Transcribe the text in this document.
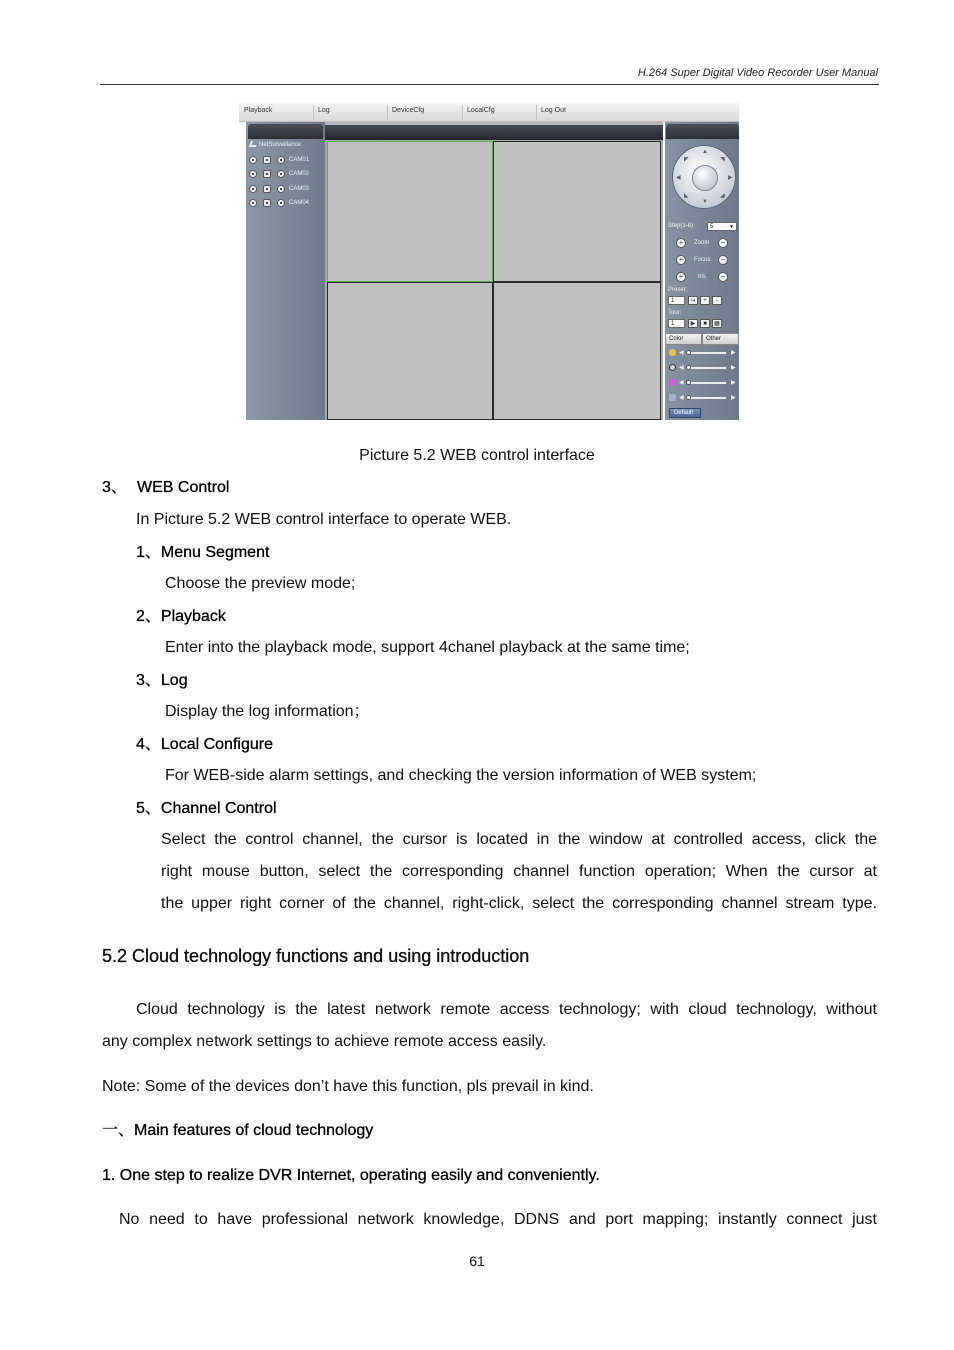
H.264 Super Digital Video Recorder User Manual
Playback	Log	DeviceCfg	LocalCfg	Log Out
NetSurveillance
CAM01
CAM02
CAM03
CAM04
▲
▼
◀	▶
◤	◥
◣	◢
Step(1-8)	5	▼
+	Zoom	−
+	Focus	−
+	Iris	−
Preset:
1	↪	+	−
Tour:
1	▶	■	▦
Color	Other
◀	▶
◀	▶
◀	▶
◀	▶
Default
Picture 5.2 WEB control interface
3、 WEB Control
In Picture 5.2 WEB control interface to operate WEB.
1、Menu Segment
Choose the preview mode;
2、Playback
Enter into the playback mode, support 4chanel playback at the same time;
3、Log
Display the log information；
4、Local Configure
For WEB-side alarm settings, and checking the version information of WEB system;
5、Channel Control
Select the control channel, the cursor is located in the window at controlled access, click the
right mouse button, select the corresponding channel function operation; When the cursor at
the upper right corner of the channel, right-click, select the corresponding channel stream type.
5.2 Cloud technology functions and using introduction
Cloud technology is the latest network remote access technology; with cloud technology, without
any complex network settings to achieve remote access easily.
Note: Some of the devices don’t have this function, pls prevail in kind.
一、Main features of cloud technology
1. One step to realize DVR Internet, operating easily and conveniently.
No need to have professional network knowledge, DDNS and port mapping; instantly connect just
61
